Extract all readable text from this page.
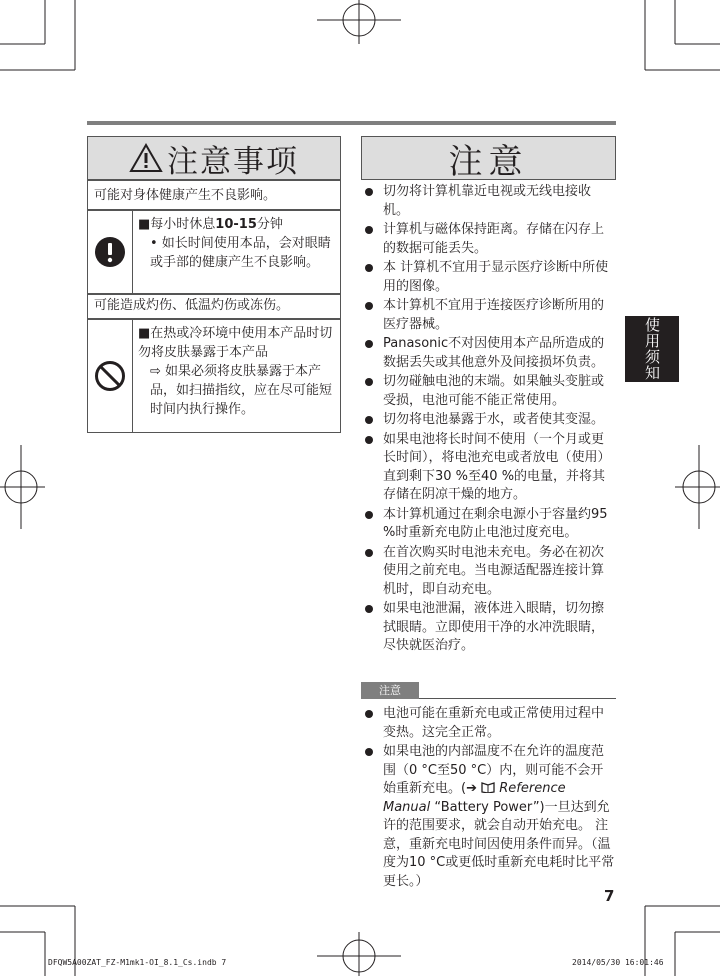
注意事项
可能对身体健康产生不良影响。
■每小时休息10-15分钟
• 如长时间使用本品，会对眼睛或手部的健康产生不良影响。
可能造成灼伤、低温灼伤或冻伤。
■在热或冷环境中使用本产品时切勿将皮肤暴露于本产品
⇨ 如果必须将皮肤暴露于本产品，如扫描指纹，应在尽可能短时间内执行操作。
注意
切勿将计算机靠近电视或无线电接收机。
计算机与磁体保持距离。存储在闪存上的数据可能丢失。
本 计算机不宜用于显示医疗诊断中所使用的图像。
本计算机不宜用于连接医疗诊断所用的医疗器械。
Panasonic不对因使用本产品所造成的数据丢失或其他意外及间接损坏负责。
切勿碰触电池的末端。如果触头变脏或受损，电池可能不能正常使用。
切勿将电池暴露于水，或者使其变湿。
如果电池将长时间不使用（一个月或更长时间），将电池充电或者放电（使用）直到剩下30 %至40 %的电量，并将其存储在阴凉干燥的地方。
本计算机通过在剩余电源小于容量约95 %时重新充电防止电池过度充电。
在首次购买时电池未充电。务必在初次使用之前充电。当电源适配器连接计算机时，即自动充电。
如果电池泄漏，液体进入眼睛，切勿擦拭眼睛。立即使用干净的水冲洗眼睛，尽快就医治疗。
注意
电池可能在重新充电或正常使用过程中变热。这完全正常。
如果电池的内部温度不在允许的温度范围（0 °C至50 °C）内，则可能不会开始重新充电。(➔  Reference Manual “Battery Power”)一旦达到允许的范围要求，就会自动开始充电。 注意，重新充电时间因使用条件而异。（温度为10 °C或更低时重新充电耗时比平常更长。）
使用须知
7
DFQW5A00ZAT_FZ-M1mk1-OI_8.1_Cs.indb 7	2014/05/30 16:01:46
